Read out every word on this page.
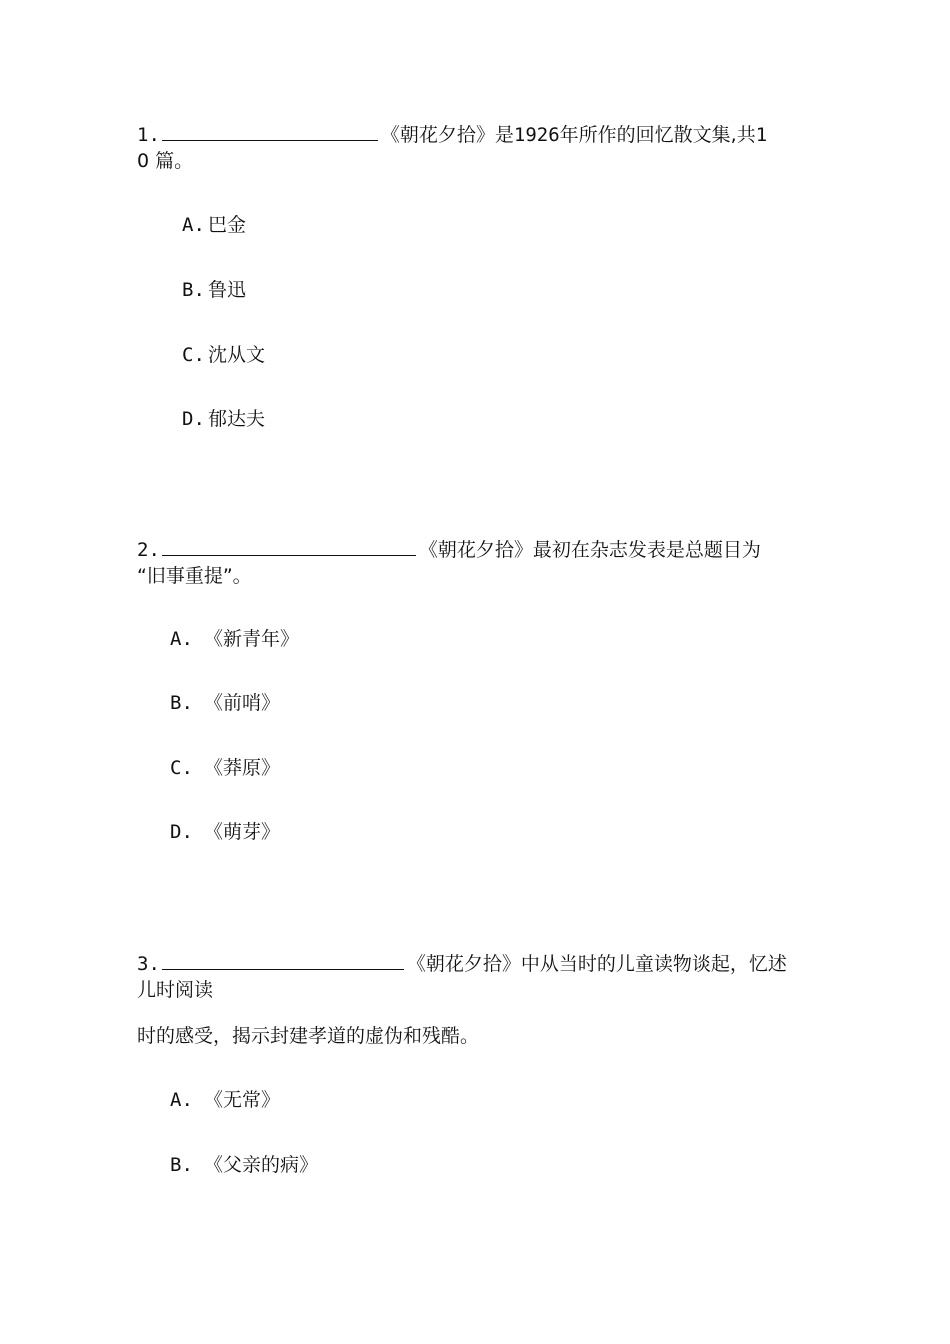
1.	《朝花夕拾》是1926年所作的回忆散文集,共1
0 篇。
A. 巴金
B. 鲁迅
C. 沈从文
D. 郁达夫
2.	《朝花夕拾》最初在杂志发表是总题目为
“旧事重提”。
A. 《新青年》
B. 《前哨》
C. 《莽原》
D. 《萌芽》
3.	《朝花夕拾》中从当时的儿童读物谈起，忆述
儿时阅读
时的感受，揭示封建孝道的虚伪和残酷。
A. 《无常》
B. 《父亲的病》
